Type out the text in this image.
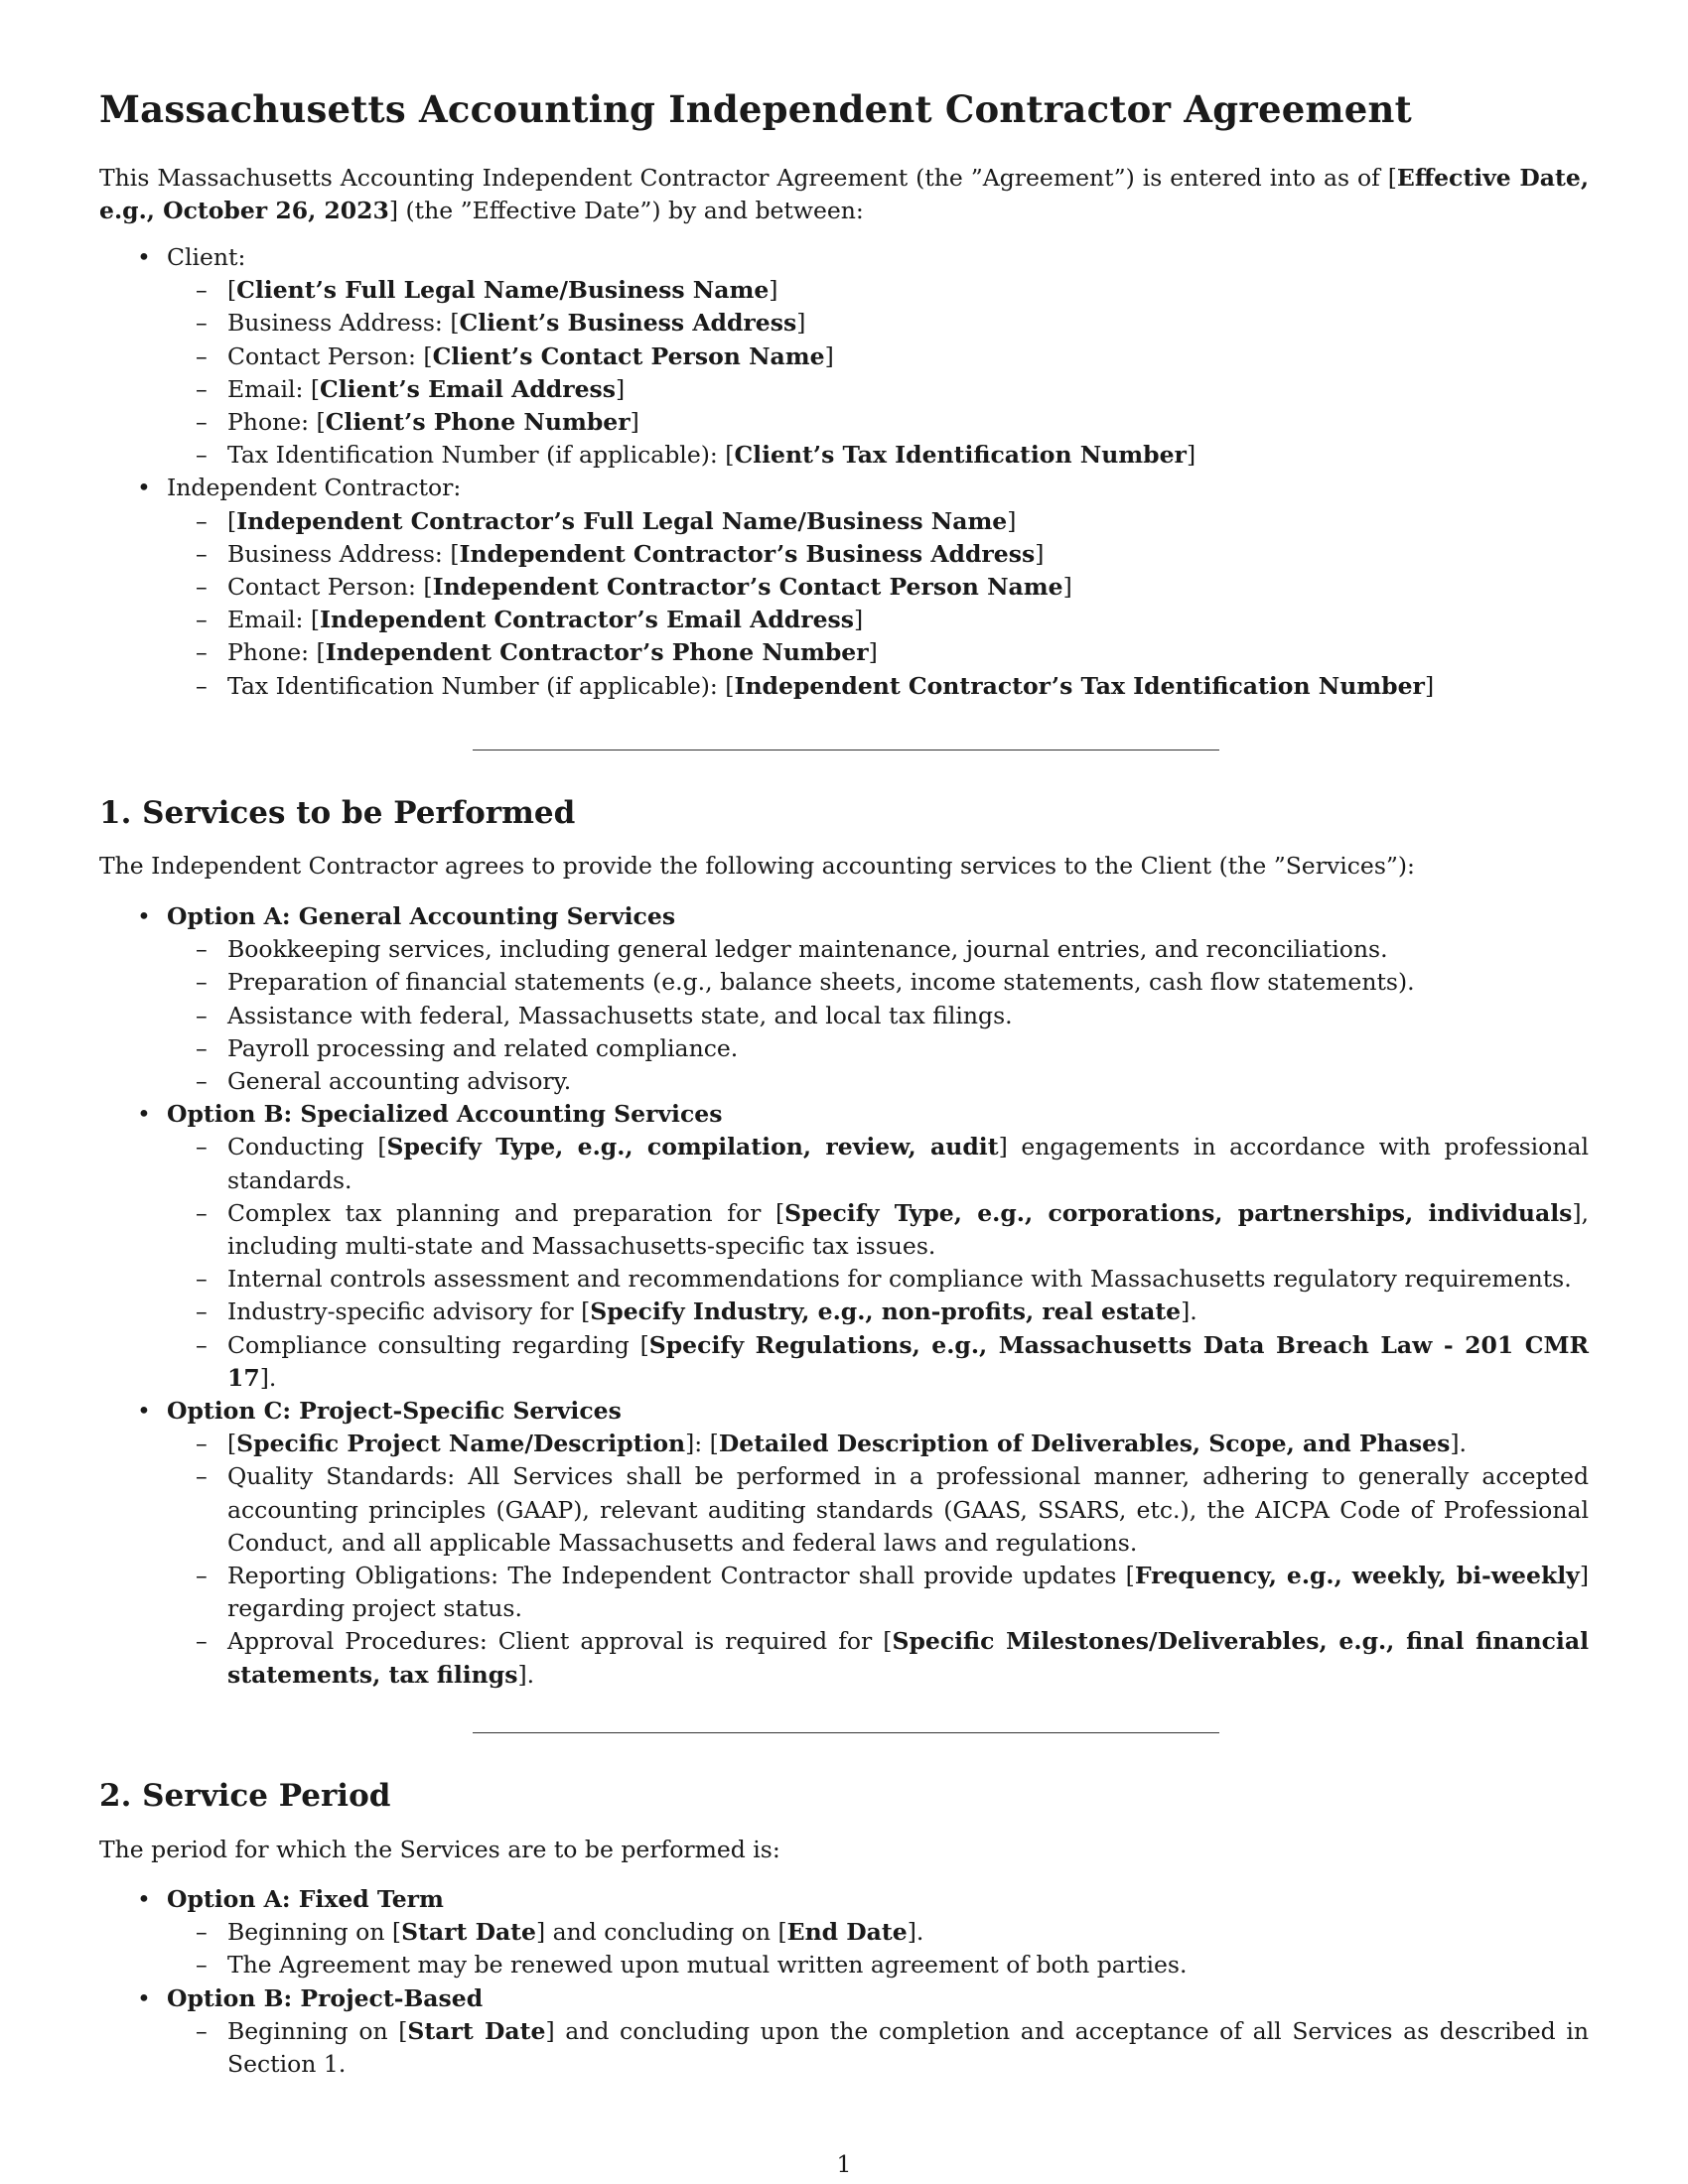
Massachusetts Accounting Independent Contractor Agreement
This Massachusetts Accounting Independent Contractor Agreement (the ”Agreement”) is entered into as of [Effective Date, e.g., October 26, 2023] (the ”Effective Date”) by and between:
• Client:
– [Client’s Full Legal Name/Business Name]
– Business Address: [Client’s Business Address]
– Contact Person: [Client’s Contact Person Name]
– Email: [Client’s Email Address]
– Phone: [Client’s Phone Number]
– Tax Identification Number (if applicable): [Client’s Tax Identification Number]
• Independent Contractor:
– [Independent Contractor’s Full Legal Name/Business Name]
– Business Address: [Independent Contractor’s Business Address]
– Contact Person: [Independent Contractor’s Contact Person Name]
– Email: [Independent Contractor’s Email Address]
– Phone: [Independent Contractor’s Phone Number]
– Tax Identification Number (if applicable): [Independent Contractor’s Tax Identification Number]
1. Services to be Performed
The Independent Contractor agrees to provide the following accounting services to the Client (the ”Services”):
• Option A: General Accounting Services
– Bookkeeping services, including general ledger maintenance, journal entries, and reconciliations.
– Preparation of financial statements (e.g., balance sheets, income statements, cash flow statements).
– Assistance with federal, Massachusetts state, and local tax filings.
– Payroll processing and related compliance.
– General accounting advisory.
• Option B: Specialized Accounting Services
– Conducting [Specify Type, e.g., compilation, review, audit] engagements in accordance with professional standards.
– Complex tax planning and preparation for [Specify Type, e.g., corporations, partnerships, individuals], including multi-state and Massachusetts-specific tax issues.
– Internal controls assessment and recommendations for compliance with Massachusetts regulatory requirements.
– Industry-specific advisory for [Specify Industry, e.g., non-profits, real estate].
– Compliance consulting regarding [Specify Regulations, e.g., Massachusetts Data Breach Law - 201 CMR 17].
• Option C: Project-Specific Services
– [Specific Project Name/Description]: [Detailed Description of Deliverables, Scope, and Phases].
– Quality Standards: All Services shall be performed in a professional manner, adhering to generally accepted accounting principles (GAAP), relevant auditing standards (GAAS, SSARS, etc.), the AICPA Code of Professional Conduct, and all applicable Massachusetts and federal laws and regulations.
– Reporting Obligations: The Independent Contractor shall provide updates [Frequency, e.g., weekly, bi-weekly] regarding project status.
– Approval Procedures: Client approval is required for [Specific Milestones/Deliverables, e.g., final financial statements, tax filings].
2. Service Period
The period for which the Services are to be performed is:
• Option A: Fixed Term
– Beginning on [Start Date] and concluding on [End Date].
– The Agreement may be renewed upon mutual written agreement of both parties.
• Option B: Project-Based
– Beginning on [Start Date] and concluding upon the completion and acceptance of all Services as described in Section 1.
1
